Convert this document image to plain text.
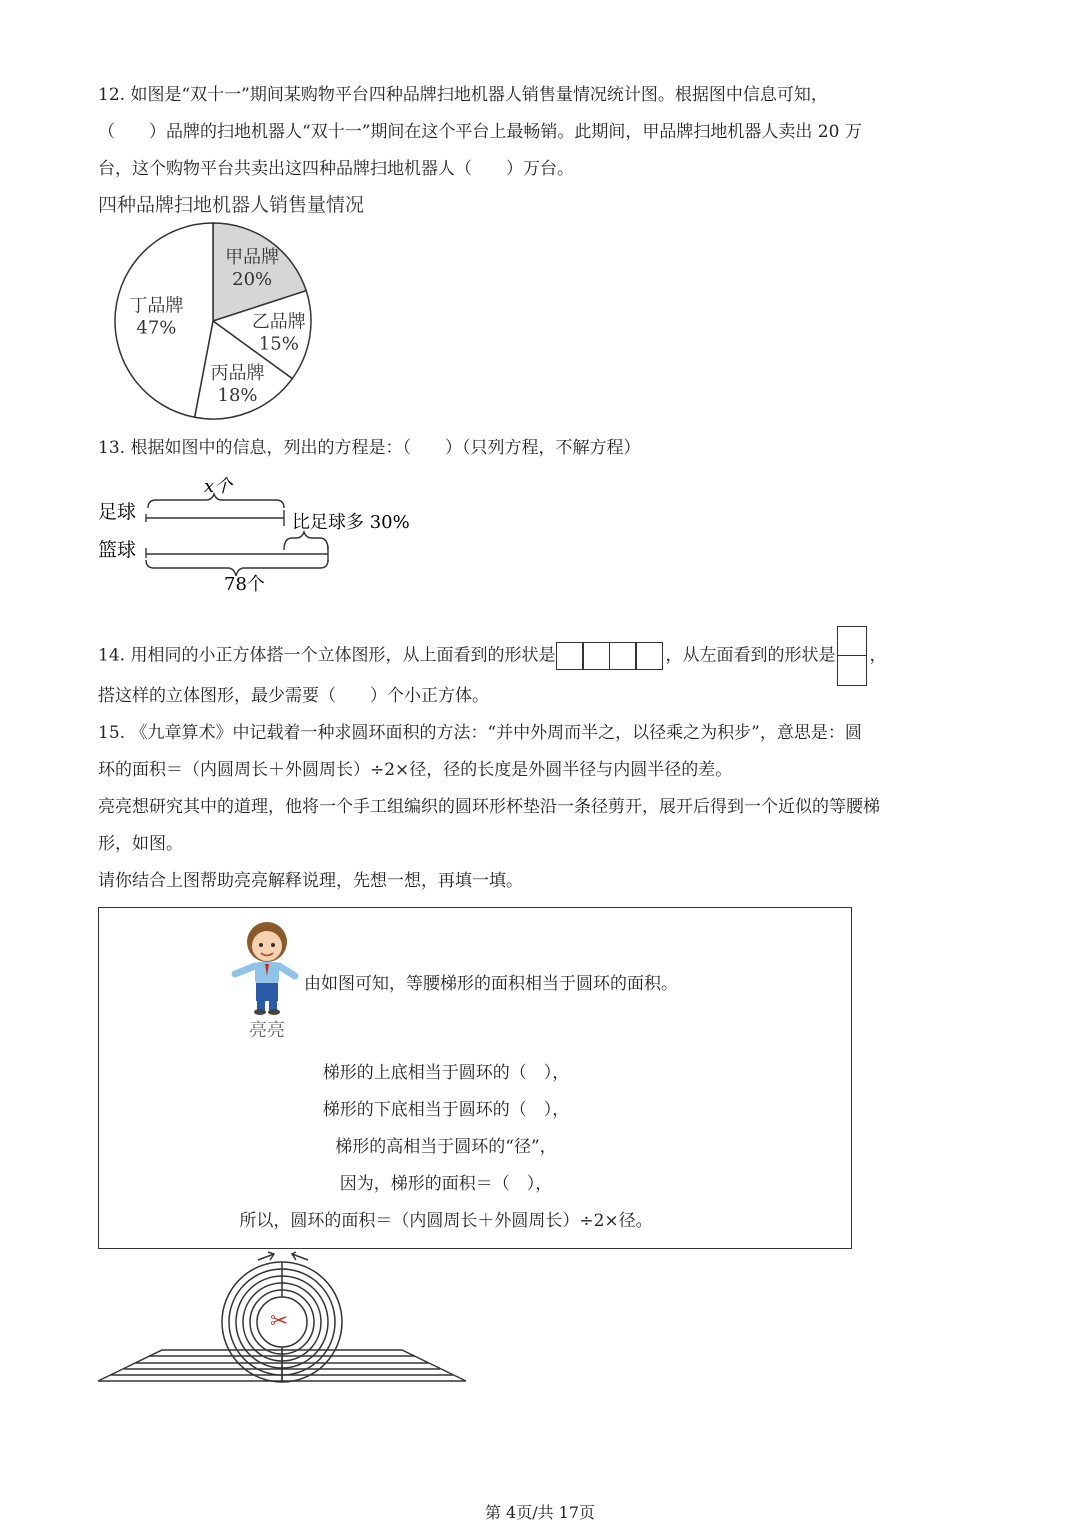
12. 如图是“双十一”期间某购物平台四种品牌扫地机器人销售量情况统计图。根据图中信息可知，
（　　）品牌的扫地机器人“双十一”期间在这个平台上最畅销。此期间，甲品牌扫地机器人卖出 20 万
台，这个购物平台共卖出这四种品牌扫地机器人（　　）万台。
四种品牌扫地机器人销售量情况
甲品牌
20%
乙品牌
15%
丙品牌
18%
丁品牌
47%
13. 根据如图中的信息，列出的方程是：（　　）（只列方程，不解方程）
x个
足球	比足球多 30%
篮球
78个
14. 用相同的小正方体搭一个立体图形，从上面看到的形状是	，从左面看到的形状是 ，
搭这样的立体图形，最少需要（　　）个小正方体。
15. 《九章算术》中记载着一种求圆环面积的方法：“并中外周而半之，以径乘之为积步”，意思是：圆
环的面积＝（内圆周长＋外圆周长）÷2×径，径的长度是外圆半径与内圆半径的差。
亮亮想研究其中的道理，他将一个手工组编织的圆环形杯垫沿一条径剪开，展开后得到一个近似的等腰梯
形，如图。
请你结合上图帮助亮亮解释说理，先想一想，再填一填。
亮亮
由如图可知，等腰梯形的面积相当于圆环的面积。
梯形的上底相当于圆环的（　），
梯形的下底相当于圆环的（　），
梯形的高相当于圆环的“径”，
因为，梯形的面积＝（　），
所以，圆环的面积＝（内圆周长＋外圆周长）÷2×径。
✂
第 4页/共 17页
